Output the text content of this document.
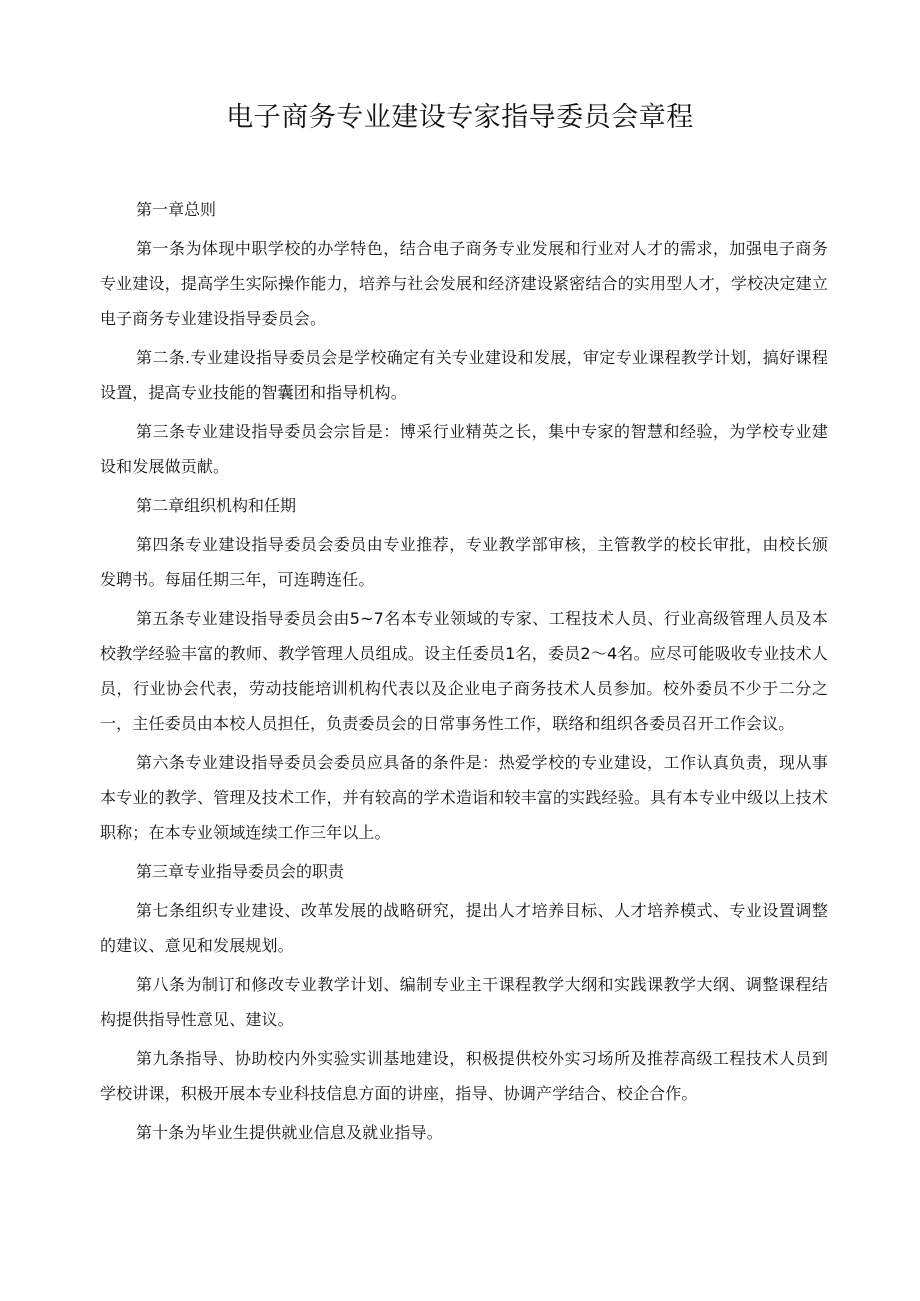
电子商务专业建设专家指导委员会章程

第一章总则

第一条为体现中职学校的办学特色，结合电子商务专业发展和行业对人才的需求，加强电子商务专业建设，提高学生实际操作能力，培养与社会发展和经济建设紧密结合的实用型人才，学校决定建立电子商务专业建设指导委员会。

第二条.专业建设指导委员会是学校确定有关专业建设和发展，审定专业课程教学计划，搞好课程设置，提高专业技能的智囊团和指导机构。

第三条专业建设指导委员会宗旨是：博采行业精英之长，集中专家的智慧和经验，为学校专业建设和发展做贡献。

第二章组织机构和任期

第四条专业建设指导委员会委员由专业推荐，专业教学部审核，主管教学的校长审批，由校长颁发聘书。每届任期三年，可连聘连任。

第五条专业建设指导委员会由5~7名本专业领域的专家、工程技术人员、行业高级管理人员及本校教学经验丰富的教师、教学管理人员组成。设主任委员1名，委员2～4名。应尽可能吸收专业技术人员，行业协会代表，劳动技能培训机构代表以及企业电子商务技术人员参加。校外委员不少于二分之一，主任委员由本校人员担任，负责委员会的日常事务性工作，联络和组织各委员召开工作会议。

第六条专业建设指导委员会委员应具备的条件是：热爱学校的专业建设，工作认真负责，现从事本专业的教学、管理及技术工作，并有较高的学术造诣和较丰富的实践经验。具有本专业中级以上技术职称；在本专业领域连续工作三年以上。

第三章专业指导委员会的职责

第七条组织专业建设、改革发展的战略研究，提出人才培养目标、人才培养模式、专业设置调整的建议、意见和发展规划。

第八条为制订和修改专业教学计划、编制专业主干课程教学大纲和实践课教学大纲、调整课程结构提供指导性意见、建议。

第九条指导、协助校内外实验实训基地建设，积极提供校外实习场所及推荐高级工程技术人员到学校讲课，积极开展本专业科技信息方面的讲座，指导、协调产学结合、校企合作。

第十条为毕业生提供就业信息及就业指导。
